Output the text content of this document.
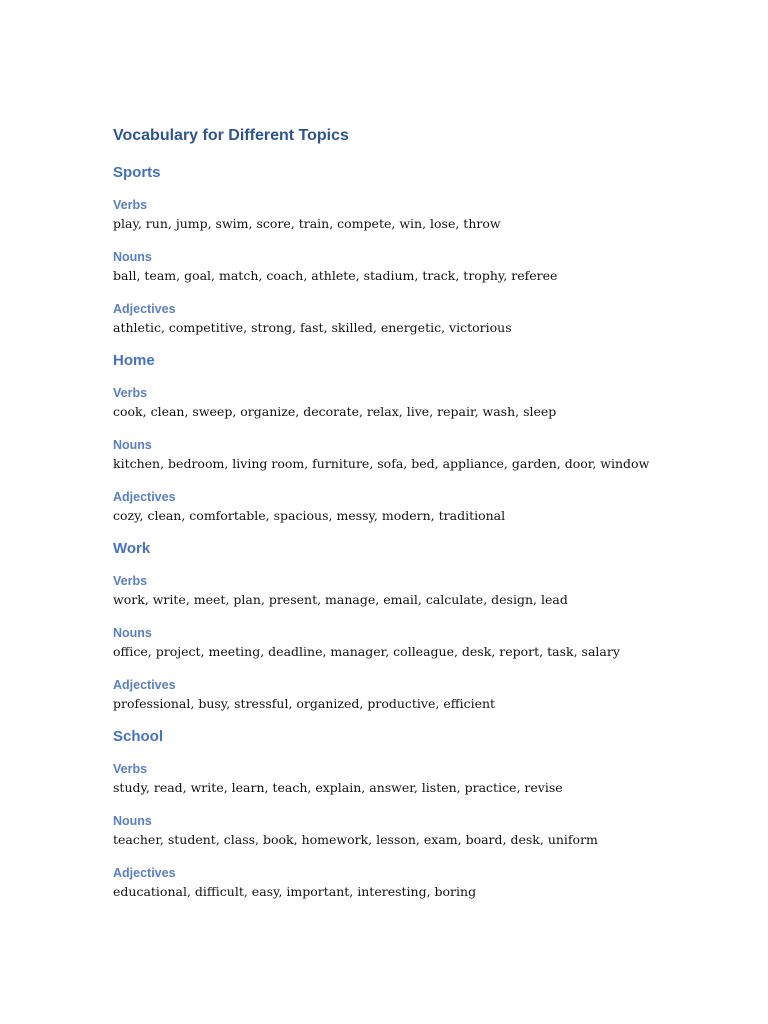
Vocabulary for Different Topics
Sports
Verbs

play, run, jump, swim, score, train, compete, win, lose, throw

Nouns

ball, team, goal, match, coach, athlete, stadium, track, trophy, referee

Adjectives

athletic, competitive, strong, fast, skilled, energetic, victorious

Home
Verbs

cook, clean, sweep, organize, decorate, relax, live, repair, wash, sleep

Nouns

kitchen, bedroom, living room, furniture, sofa, bed, appliance, garden, door, window

Adjectives

cozy, clean, comfortable, spacious, messy, modern, traditional

Work
Verbs

work, write, meet, plan, present, manage, email, calculate, design, lead

Nouns

office, project, meeting, deadline, manager, colleague, desk, report, task, salary

Adjectives

professional, busy, stressful, organized, productive, efficient

School
Verbs

study, read, write, learn, teach, explain, answer, listen, practice, revise

Nouns

teacher, student, class, book, homework, lesson, exam, board, desk, uniform

Adjectives

educational, difficult, easy, important, interesting, boring
